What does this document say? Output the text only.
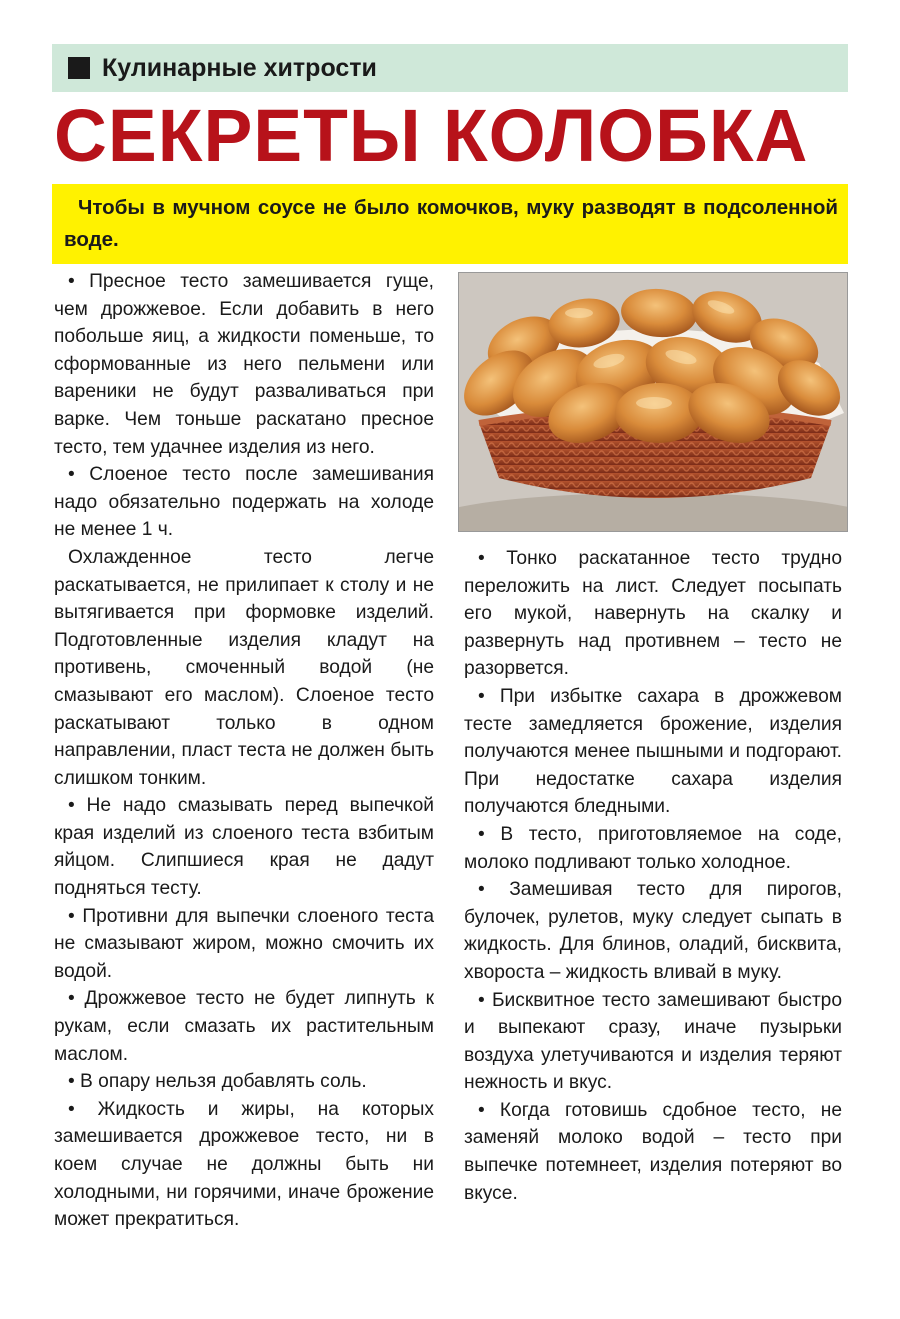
Кулинарные хитрости
СЕКРЕТЫ КОЛОБКА
Чтобы в мучном соусе не было комочков, муку разводят в подсоленной воде.

• Пресное тесто замешивается гуще, чем дрожжевое. Если добавить в него побольше яиц, а жидкости поменьше, то сформованные из него пельмени или вареники не будут разваливаться при варке. Чем тоньше раскатано пресное тесто, тем удачнее изделия из него.

• Слоеное тесто после замешивания надо обязательно подержать на холоде не менее 1 ч.

Охлажденное тесто легче раскатывается, не прилипает к столу и не вытягивается при формовке изделий. Подготовленные изделия кладут на противень, смоченный водой (не смазывают его маслом). Слоеное тесто раскатывают только в одном направлении, пласт теста не должен быть слишком тонким.

• Не надо смазывать перед выпечкой края изделий из слоеного теста взбитым яйцом. Слипшиеся края не дадут подняться тесту.

• Противни для выпечки слоеного теста не смазывают жиром, можно смочить их водой.

• Дрожжевое тесто не будет липнуть к рукам, если смазать их растительным маслом.

• В опару нельзя добавлять соль.

• Жидкость и жиры, на которых замешивается дрожжевое тесто, ни в коем случае не должны быть ни холодными, ни горячими, иначе брожение может прекратиться.

• Тонко раскатанное тесто трудно переложить на лист. Следует посыпать его мукой, навернуть на скалку и развернуть над противнем – тесто не разорвется.

• При избытке сахара в дрожжевом тесте замедляется брожение, изделия получаются менее пышными и подгорают. При недостатке сахара изделия получаются бледными.

• В тесто, приготовляемое на соде, молоко подливают только холодное.

• Замешивая тесто для пирогов, булочек, рулетов, муку следует сыпать в жидкость. Для блинов, оладий, бисквита, хвороста – жидкость вливай в муку.

• Бисквитное тесто замешивают быстро и выпекают сразу, иначе пузырьки воздуха улетучиваются и изделия теряют нежность и вкус.

• Когда готовишь сдобное тесто, не заменяй молоко водой – тесто при выпечке потемнеет, изделия потеряют во вкусе.
